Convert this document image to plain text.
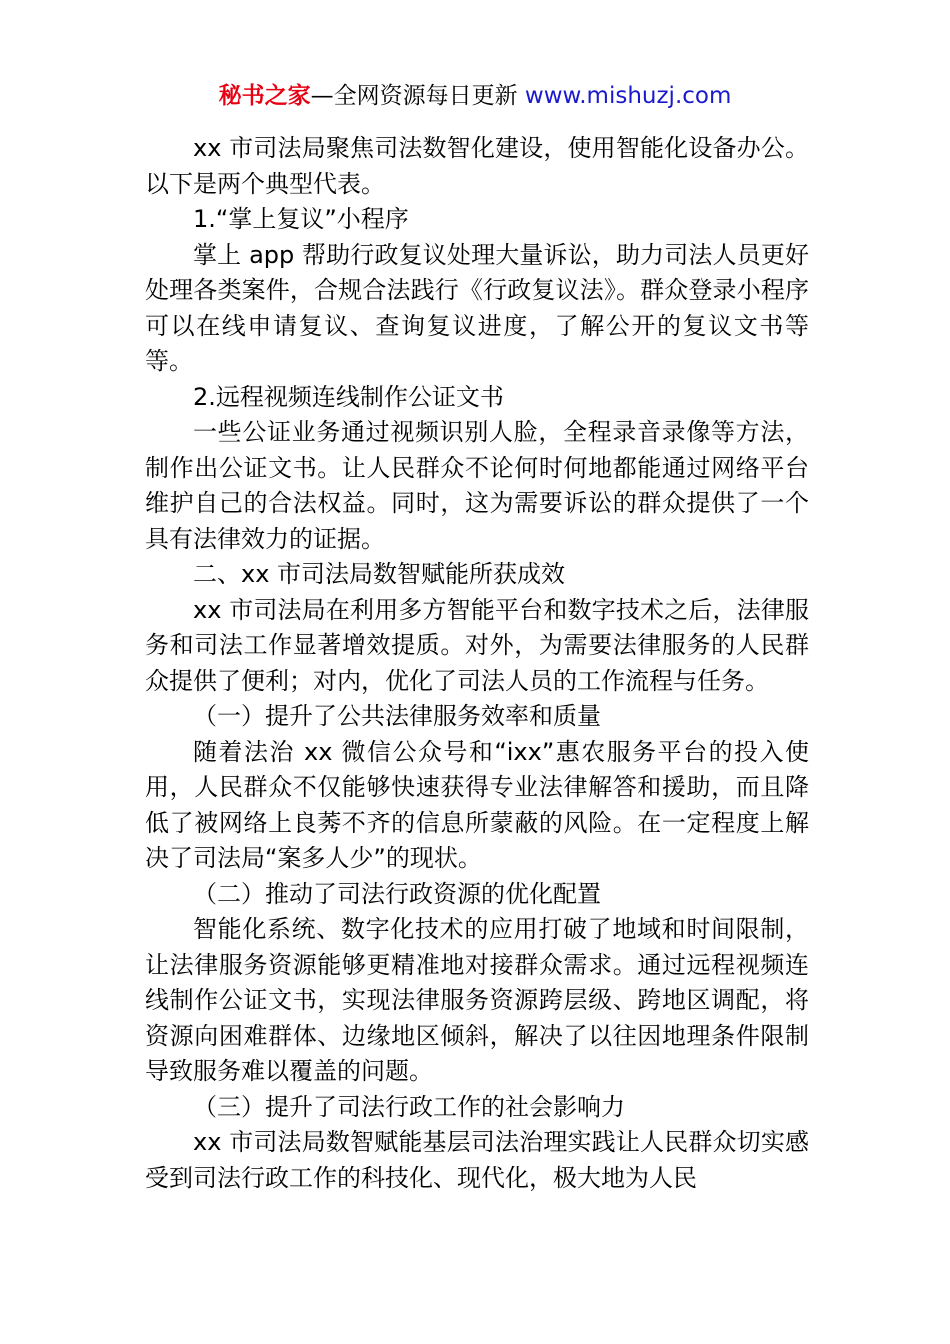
秘书之家—全网资源每日更新 www.mishuzj.com

xx 市司法局聚焦司法数智化建设，使用智能化设备办公。以下是两个典型代表。

1.“掌上复议”小程序

掌上 app 帮助行政复议处理大量诉讼，助力司法人员更好处理各类案件，合规合法践行《行政复议法》。群众登录小程序可以在线申请复议、查询复议进度，了解公开的复议文书等等。

2.远程视频连线制作公证文书

一些公证业务通过视频识别人脸，全程录音录像等方法，制作出公证文书。让人民群众不论何时何地都能通过网络平台维护自己的合法权益。同时，这为需要诉讼的群众提供了一个具有法律效力的证据。

二、xx 市司法局数智赋能所获成效

xx 市司法局在利用多方智能平台和数字技术之后，法律服务和司法工作显著增效提质。对外，为需要法律服务的人民群众提供了便利；对内，优化了司法人员的工作流程与任务。

（一）提升了公共法律服务效率和质量

随着法治 xx 微信公众号和“ixx”惠农服务平台的投入使用，人民群众不仅能够快速获得专业法律解答和援助，而且降低了被网络上良莠不齐的信息所蒙蔽的风险。在一定程度上解决了司法局“案多人少”的现状。

（二）推动了司法行政资源的优化配置

智能化系统、数字化技术的应用打破了地域和时间限制，让法律服务资源能够更精准地对接群众需求。通过远程视频连线制作公证文书，实现法律服务资源跨层级、跨地区调配，将资源向困难群体、边缘地区倾斜，解决了以往因地理条件限制导致服务难以覆盖的问题。

（三）提升了司法行政工作的社会影响力

xx 市司法局数智赋能基层司法治理实践让人民群众切实感受到司法行政工作的科技化、现代化，极大地为人民
